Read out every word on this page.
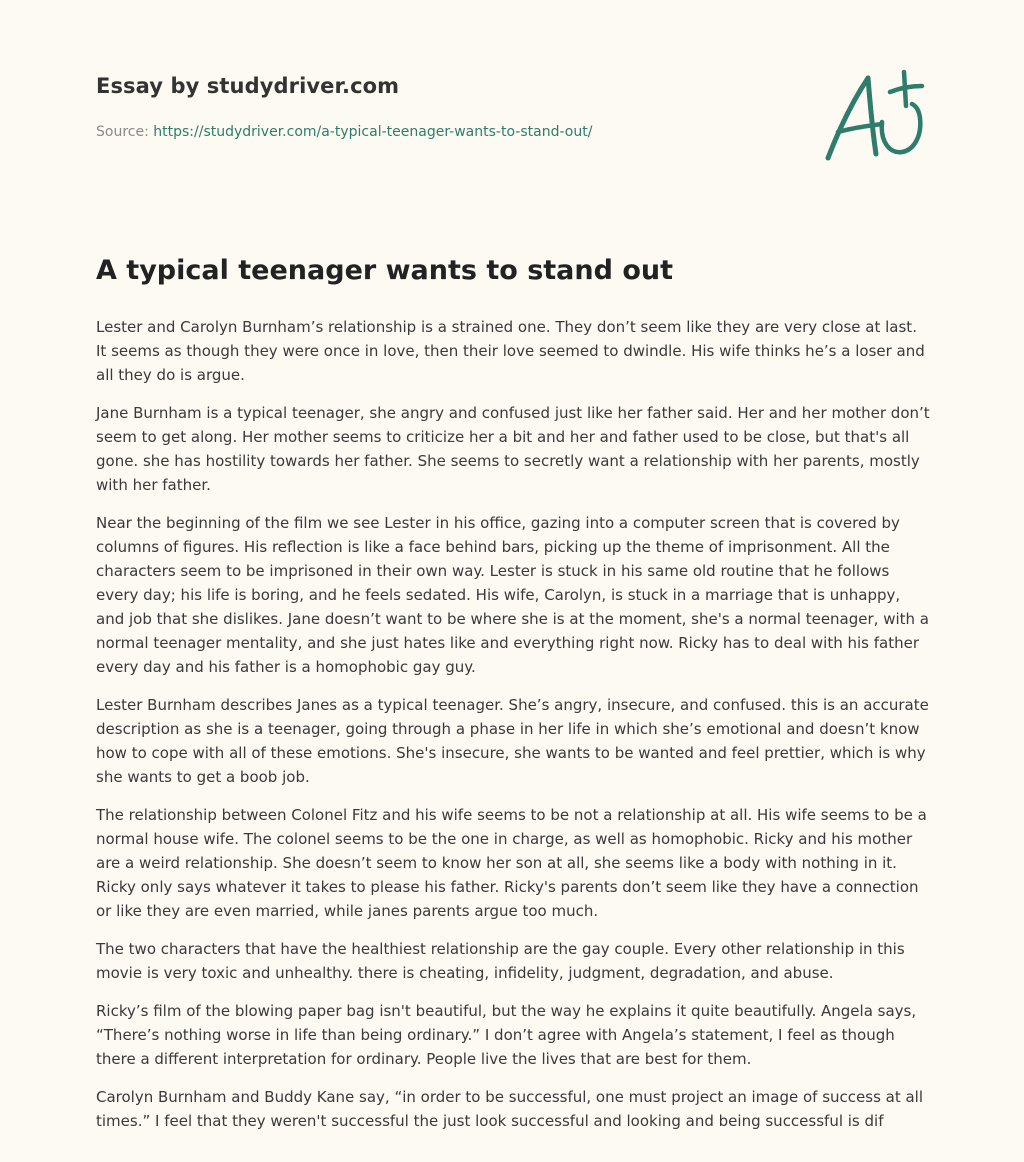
Essay by studydriver.com
Source: https://studydriver.com/a-typical-teenager-wants-to-stand-out/
A typical teenager wants to stand out

Lester and Carolyn Burnham’s relationship is a strained one. They don’t seem like they are very close at last. It seems as though they were once in love, then their love seemed to dwindle. His wife thinks he’s a loser and all they do is argue.

Jane Burnham is a typical teenager, she angry and confused just like her father said. Her and her mother don’t seem to get along. Her mother seems to criticize her a bit and her and father used to be close, but that's all gone. she has hostility towards her father. She seems to secretly want a relationship with her parents, mostly with her father.

Near the beginning of the film we see Lester in his office, gazing into a computer screen that is covered by columns of figures. His reflection is like a face behind bars, picking up the theme of imprisonment. All the characters seem to be imprisoned in their own way. Lester is stuck in his same old routine that he follows every day; his life is boring, and he feels sedated. His wife, Carolyn, is stuck in a marriage that is unhappy, and job that she dislikes. Jane doesn’t want to be where she is at the moment, she's a normal teenager, with a normal teenager mentality, and she just hates like and everything right now. Ricky has to deal with his father every day and his father is a homophobic gay guy.

Lester Burnham describes Janes as a typical teenager. She’s angry, insecure, and confused. this is an accurate description as she is a teenager, going through a phase in her life in which she’s emotional and doesn’t know how to cope with all of these emotions. She's insecure, she wants to be wanted and feel prettier, which is why she wants to get a boob job.

The relationship between Colonel Fitz and his wife seems to be not a relationship at all. His wife seems to be a normal house wife. The colonel seems to be the one in charge, as well as homophobic. Ricky and his mother are a weird relationship. She doesn’t seem to know her son at all, she seems like a body with nothing in it. Ricky only says whatever it takes to please his father. Ricky's parents don’t seem like they have a connection or like they are even married, while janes parents argue too much.

The two characters that have the healthiest relationship are the gay couple. Every other relationship in this movie is very toxic and unhealthy. there is cheating, infidelity, judgment, degradation, and abuse.

Ricky’s film of the blowing paper bag isn't beautiful, but the way he explains it quite beautifully. Angela says, “There’s nothing worse in life than being ordinary.” I don’t agree with Angela’s statement, I feel as though there a different interpretation for ordinary. People live the lives that are best for them.

Carolyn Burnham and Buddy Kane say, “in order to be successful, one must project an image of success at all times.” I feel that they weren't successful the just look successful and looking and being successful is dif
